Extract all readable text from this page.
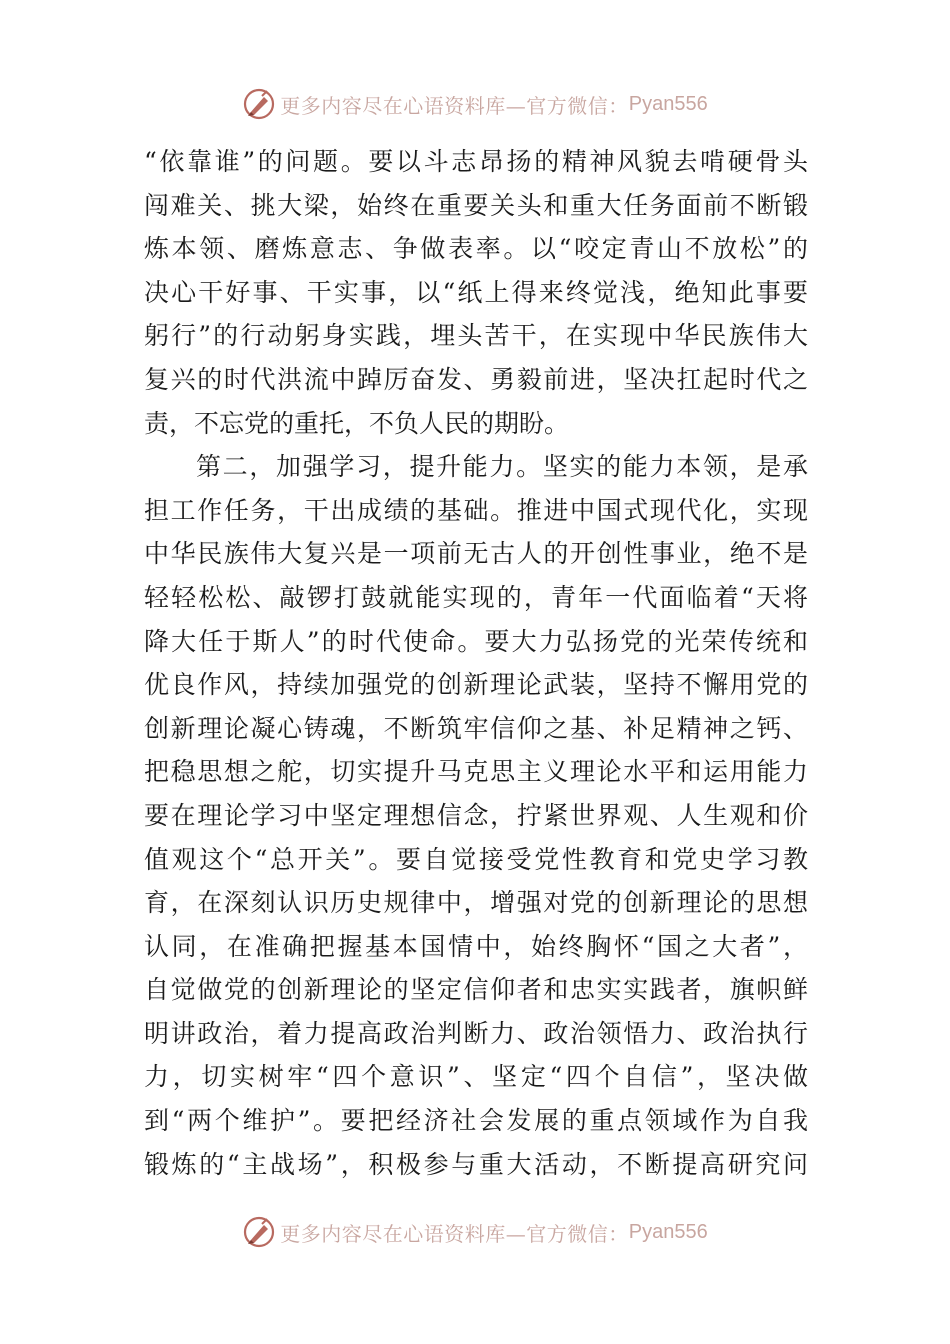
更多内容尽在心语资料库—官方微信： Pyan556
“依靠谁”的问题。要以斗志昂扬的精神风貌去啃硬骨头
闯难关、挑大梁，始终在重要关头和重大任务面前不断锻
炼本领、磨炼意志、争做表率。以“咬定青山不放松”的
决心干好事、干实事，以“纸上得来终觉浅，绝知此事要
躬行”的行动躬身实践，埋头苦干，在实现中华民族伟大
复兴的时代洪流中踔厉奋发、勇毅前进，坚决扛起时代之
责，不忘党的重托，不负人民的期盼。
第二，加强学习，提升能力。坚实的能力本领，是承
担工作任务，干出成绩的基础。推进中国式现代化，实现
中华民族伟大复兴是一项前无古人的开创性事业，绝不是
轻轻松松、敲锣打鼓就能实现的，青年一代面临着“天将
降大任于斯人”的时代使命。要大力弘扬党的光荣传统和
优良作风，持续加强党的创新理论武装，坚持不懈用党的
创新理论凝心铸魂，不断筑牢信仰之基、补足精神之钙、
把稳思想之舵，切实提升马克思主义理论水平和运用能力
要在理论学习中坚定理想信念，拧紧世界观、人生观和价
值观这个“总开关”。要自觉接受党性教育和党史学习教
育，在深刻认识历史规律中，增强对党的创新理论的思想
认同，在准确把握基本国情中，始终胸怀“国之大者”，
自觉做党的创新理论的坚定信仰者和忠实实践者，旗帜鲜
明讲政治，着力提高政治判断力、政治领悟力、政治执行
力，切实树牢“四个意识”、坚定“四个自信”，坚决做
到“两个维护”。要把经济社会发展的重点领域作为自我
锻炼的“主战场”，积极参与重大活动，不断提高研究问
更多内容尽在心语资料库—官方微信： Pyan556
